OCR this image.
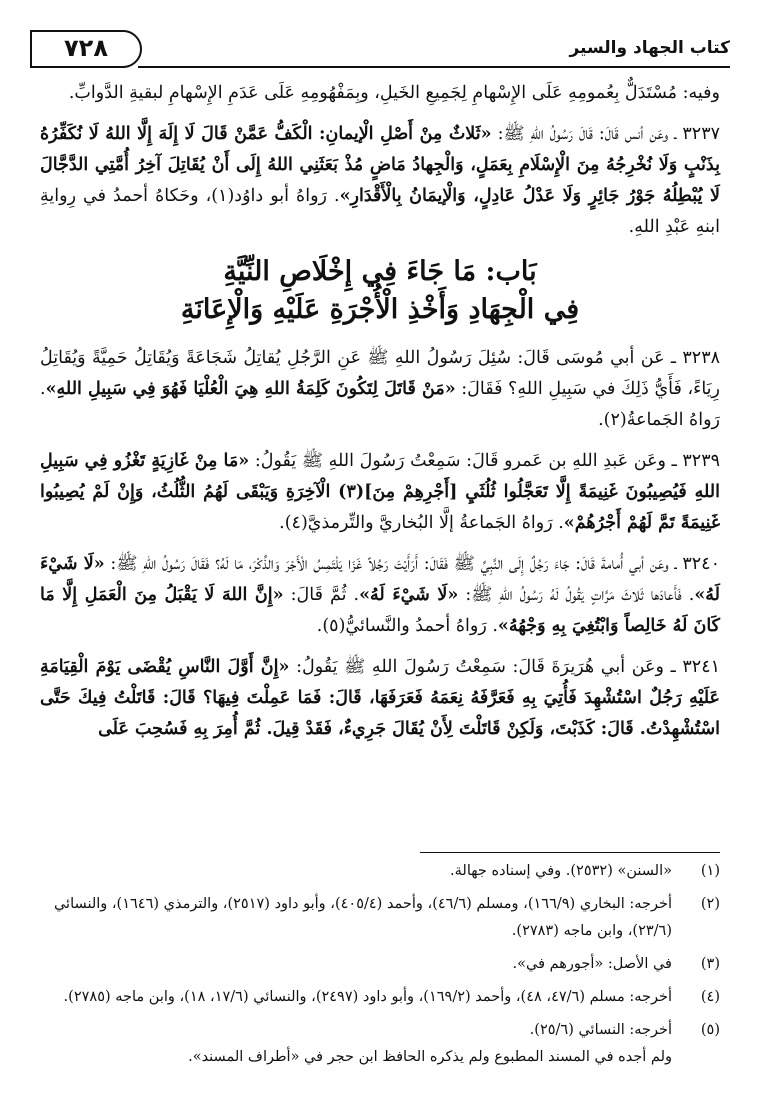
كتاب الجهاد والسير
٧٢٨

وفيه: مُسْتَدَلٌّ بِعُمومِهِ عَلَى الإِسْهامِ لِجَمِيعِ الخَيلِ، وبِمَفْهُومِهِ عَلَى عَدَمِ الإِسْهامِ لبقيةِ الدَّوابِّ.

٣٢٣٧ ـ وعَن أنس قَالَ: قَالَ رَسُولُ اللهِ ﷺ: «ثَلاثٌ مِنْ أَصْلِ الْإيمانِ: الْكَفُّ عَمَّنْ قَالَ لَا إِلَهَ إِلَّا اللهُ لَا نُكَفِّرُهُ بِذَنْبٍ وَلَا نُخْرِجُهُ مِنَ الْإِسْلَامِ بِعَمَلٍ، وَالْجِهادُ مَاضٍ مُذْ بَعَثَنِي اللهُ إِلَى أَنْ يُقَاتِلَ آخِرُ أُمَّتِي الدَّجَّالَ لَا يُبْطِلُهُ جَوْرُ جَائِرٍ وَلَا عَدْلُ عَادِلٍ، وَالْإيمَانُ بِالْأَقْدَارِ». رَواهُ أبو داوُد(١)، وحَكاهُ أحمدُ في رِوايةِ ابنهِ عَبْدِ اللهِ.

بَاب: مَا جَاءَ فِي إِخْلَاصِ النِّيَّةِ
فِي الْجِهَادِ وَأَخْذِ الْأُجْرَةِ عَلَيْهِ وَالْإِعَانَةِ

٣٢٣٨ ـ عَن أبي مُوسَى قَالَ: سُئِلَ رَسُولُ اللهِ ﷺ عَنِ الرَّجُلِ يُقاتِلُ شَجَاعَةً وَيُقَاتِلُ حَمِيَّةً وَيُقَاتِلُ رِيَاءً، فَأَيُّ ذَلِكَ في سَبِيلِ اللهِ؟ فَقَالَ: «مَنْ قَاتَلَ لِتَكُونَ كَلِمَةُ اللهِ هِيَ الْعُلْيَا فَهُوَ فِي سَبِيلِ اللهِ». رَواهُ الجَماعةُ(٢).

٣٢٣٩ ـ وعَن عَبدِ اللهِ بن عَمرو قَالَ: سَمِعْتُ رَسُولَ اللهِ ﷺ يَقُولُ: «مَا مِنْ غَازِيَةٍ تَغْزُو فِي سَبِيلِ اللهِ فَيُصِيبُونَ غَنِيمَةً إِلَّا تَعَجَّلُوا ثُلُثَيِ [أَجْرِهِمْ مِنَ](٣) الْآخِرَةِ وَيَبْقَى لَهُمُ الثُّلُثُ، وَإِنْ لَمْ يُصِيبُوا غَنِيمَةً تَمَّ لَهُمْ أَجْرُهُمْ». رَواهُ الجَماعةُ إلَّا البُخاريَّ والتِّرمذيَّ(٤).

٣٢٤٠ ـ وعَن أبي أُمامةَ قَالَ: جَاءَ رَجُلٌ إِلَى النَّبِيِّ ﷺ فَقَالَ: أَرَأَيْتَ رَجُلاً غَزَا يَلْتَمِسُ الْأَجْرَ وَالذِّكْرَ، مَا لَهُ؟ فَقَالَ رَسُولُ اللهِ ﷺ: «لَا شَيْءَ لَهُ». فَأَعادَها ثَلاثَ مَرَّاتٍ يَقُولُ لَهُ رَسُولُ اللهِ ﷺ: «لَا شَيْءَ لَهُ». ثُمَّ قَالَ: «إِنَّ اللهَ لَا يَقْبَلُ مِنَ الْعَمَلِ إِلَّا مَا كَانَ لَهُ خَالِصاً وَابْتُغِيَ بِهِ وَجْهُهُ». رَواهُ أحمدُ والنَّسائيُّ(٥).

٣٢٤١ ـ وعَن أبي هُرَيرَةَ قَالَ: سَمِعْتُ رَسُولَ اللهِ ﷺ يَقُولُ: «إِنَّ أَوَّلَ النَّاسِ يُقْضَى يَوْمَ الْقِيَامَةِ عَلَيْهِ رَجُلٌ اسْتُشْهِدَ فَأُتِيَ بِهِ فَعَرَّفَهُ نِعَمَهُ فَعَرَفَهَا، قَالَ: فَمَا عَمِلْتَ فِيهَا؟ قَالَ: قَاتَلْتُ فِيكَ حَتَّى اسْتُشْهِدْتُ. قَالَ: كَذَبْتَ، وَلَكِنْ قَاتَلْتَ لِأَنْ يُقَالَ جَرِيءٌ، فَقَدْ قِيلَ. ثُمَّ أُمِرَ بِهِ فَسُحِبَ عَلَى

(١)
«السنن» (٢٥٣٢). وفي إسناده جهالة.
(٢)
أخرجه: البخاري (١٦٦/٩)، ومسلم (٤٦/٦)، وأحمد (٤٠٥/٤)، وأبو داود (٢٥١٧)، والترمذي (١٦٤٦)، والنسائي (٢٣/٦)، وابن ماجه (٢٧٨٣).
(٣)
في الأصل: «أجورهم في».
(٤)
أخرجه: مسلم (٤٧/٦، ٤٨)، وأحمد (١٦٩/٢)، وأبو داود (٢٤٩٧)، والنسائي (١٧/٦، ١٨)، وابن ماجه (٢٧٨٥).
(٥)
أخرجه: النسائي (٢٥/٦).
ولم أجده في المسند المطبوع ولم يذكره الحافظ ابن حجر في «أطراف المسند».
